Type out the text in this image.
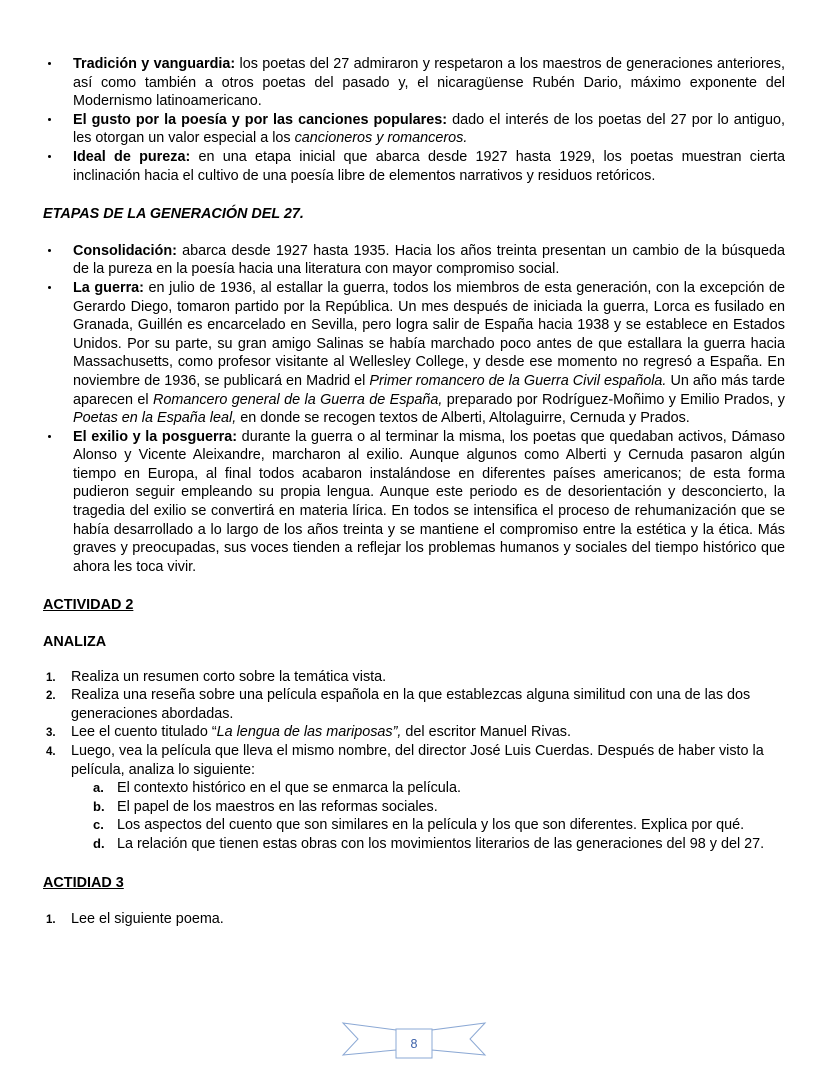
Tradición y vanguardia: los poetas del 27 admiraron y respetaron a los maestros de generaciones anteriores, así como también a otros poetas del pasado y, el nicaragüense Rubén Dario, máximo exponente del Modernismo latinoamericano.
El gusto por la poesía y por las canciones populares: dado el interés de los poetas del 27 por lo antiguo, les otorgan un valor especial a los cancioneros y romanceros.
Ideal de pureza: en una etapa inicial que abarca desde 1927 hasta 1929, los poetas muestran cierta inclinación hacia el cultivo de una poesía libre de elementos narrativos y residuos retóricos.
ETAPAS DE LA GENERACIÓN DEL 27.
Consolidación: abarca desde 1927 hasta 1935. Hacia los años treinta presentan un cambio de la búsqueda de la pureza en la poesía hacia una literatura con mayor compromiso social.
La guerra: en julio de 1936, al estallar la guerra, todos los miembros de esta generación, con la excepción de Gerardo Diego, tomaron partido por la República. Un mes después de iniciada la guerra, Lorca es fusilado en Granada, Guillén es encarcelado en Sevilla, pero logra salir de España hacia 1938 y se establece en Estados Unidos. Por su parte, su gran amigo Salinas se había marchado poco antes de que estallara la guerra hacia Massachusetts, como profesor visitante al Wellesley College, y desde ese momento no regresó a España. En noviembre de 1936, se publicará en Madrid el Primer romancero de la Guerra Civil española. Un año más tarde aparecen el Romancero general de la Guerra de España, preparado por Rodríguez-Moñimo y Emilio Prados, y Poetas en la España leal, en donde se recogen textos de Alberti, Altolaguirre, Cernuda y Prados.
El exilio y la posguerra: durante la guerra o al terminar la misma, los poetas que quedaban activos, Dámaso Alonso y Vicente Aleixandre, marcharon al exilio. Aunque algunos como Alberti y Cernuda pasaron algún tiempo en Europa, al final todos acabaron instalándose en diferentes países americanos; de esta forma pudieron seguir empleando su propia lengua. Aunque este periodo es de desorientación y desconcierto, la tragedia del exilio se convertirá en materia lírica. En todos se intensifica el proceso de rehumanización que se había desarrollado a lo largo de los años treinta y se mantiene el compromiso entre la estética y la ética. Más graves y preocupadas, sus voces tienden a reflejar los problemas humanos y sociales del tiempo histórico que ahora les toca vivir.
ACTIVIDAD 2
ANALIZA
1.	Realiza un resumen corto sobre la temática vista.
2.	Realiza una reseña sobre una película española en la que establezcas alguna similitud con una de las dos generaciones abordadas.
3.	Lee el cuento titulado “La lengua de las mariposas”, del escritor Manuel Rivas.
4.	Luego, vea la película que lleva el mismo nombre, del director José Luis Cuerdas. Después de haber visto la película, analiza lo siguiente:
a. El contexto histórico en el que se enmarca la película.
b. El papel de los maestros en las reformas sociales.
c. Los aspectos del cuento que son similares en la película y los que son diferentes. Explica por qué.
d. La relación que tienen estas obras con los movimientos literarios de las generaciones del 98 y del 27.
ACTIDIAD 3
1.	Lee el siguiente poema.
8
